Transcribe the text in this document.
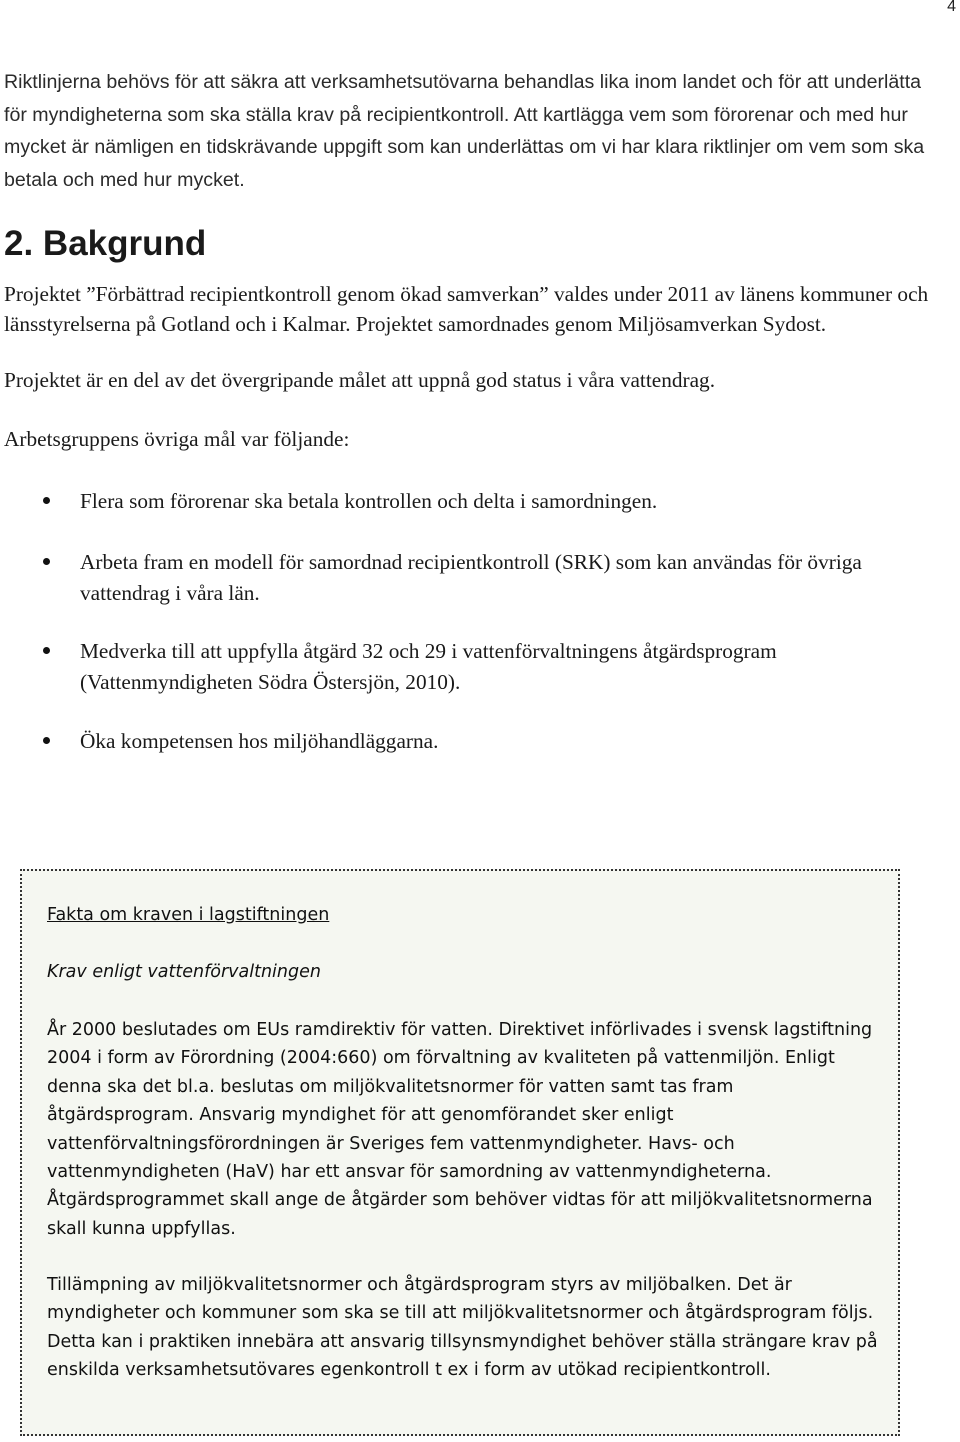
4

Riktlinjerna behövs för att säkra att verksamhetsutövarna behandlas lika inom landet och för att underlätta för myndigheterna som ska ställa krav på recipientkontroll. Att kartlägga vem som förorenar och med hur mycket är nämligen en tidskrävande uppgift som kan underlättas om vi har klara riktlinjer om vem som ska betala och med hur mycket.

2. Bakgrund

Projektet ”Förbättrad recipientkontroll genom ökad samverkan” valdes under 2011 av länens kommuner och länsstyrelserna på Gotland och i Kalmar. Projektet samordnades genom Miljösamverkan Sydost.

Projektet är en del av det övergripande målet att uppnå god status i våra vattendrag.

Arbetsgruppens övriga mål var följande:

Flera som förorenar ska betala kontrollen och delta i samordningen.
Arbeta fram en modell för samordnad recipientkontroll (SRK) som kan användas för övriga vattendrag i våra län.
Medverka till att uppfylla åtgärd 32 och 29 i vattenförvaltningens åtgärdsprogram (Vattenmyndigheten Södra Östersjön, 2010).
Öka kompetensen hos miljöhandläggarna.

Fakta om kraven i lagstiftningen

Krav enligt vattenförvaltningen

År 2000 beslutades om EUs ramdirektiv för vatten. Direktivet införlivades i svensk lagstiftning 2004 i form av Förordning (2004:660) om förvaltning av kvaliteten på vattenmiljön. Enligt denna ska det bl.a. beslutas om miljökvalitetsnormer för vatten samt tas fram åtgärdsprogram. Ansvarig myndighet för att genomförandet sker enligt vattenförvaltningsförordningen är Sveriges fem vattenmyndigheter. Havs- och vattenmyndigheten (HaV) har ett ansvar för samordning av vattenmyndigheterna. Åtgärdsprogrammet skall ange de åtgärder som behöver vidtas för att miljökvalitetsnormerna skall kunna uppfyllas.

Tillämpning av miljökvalitetsnormer och åtgärdsprogram styrs av miljöbalken. Det är myndigheter och kommuner som ska se till att miljökvalitetsnormer och åtgärdsprogram följs. Detta kan i praktiken innebära att ansvarig tillsynsmyndighet behöver ställa strängare krav på enskilda verksamhetsutövares egenkontroll t ex i form av utökad recipientkontroll.
